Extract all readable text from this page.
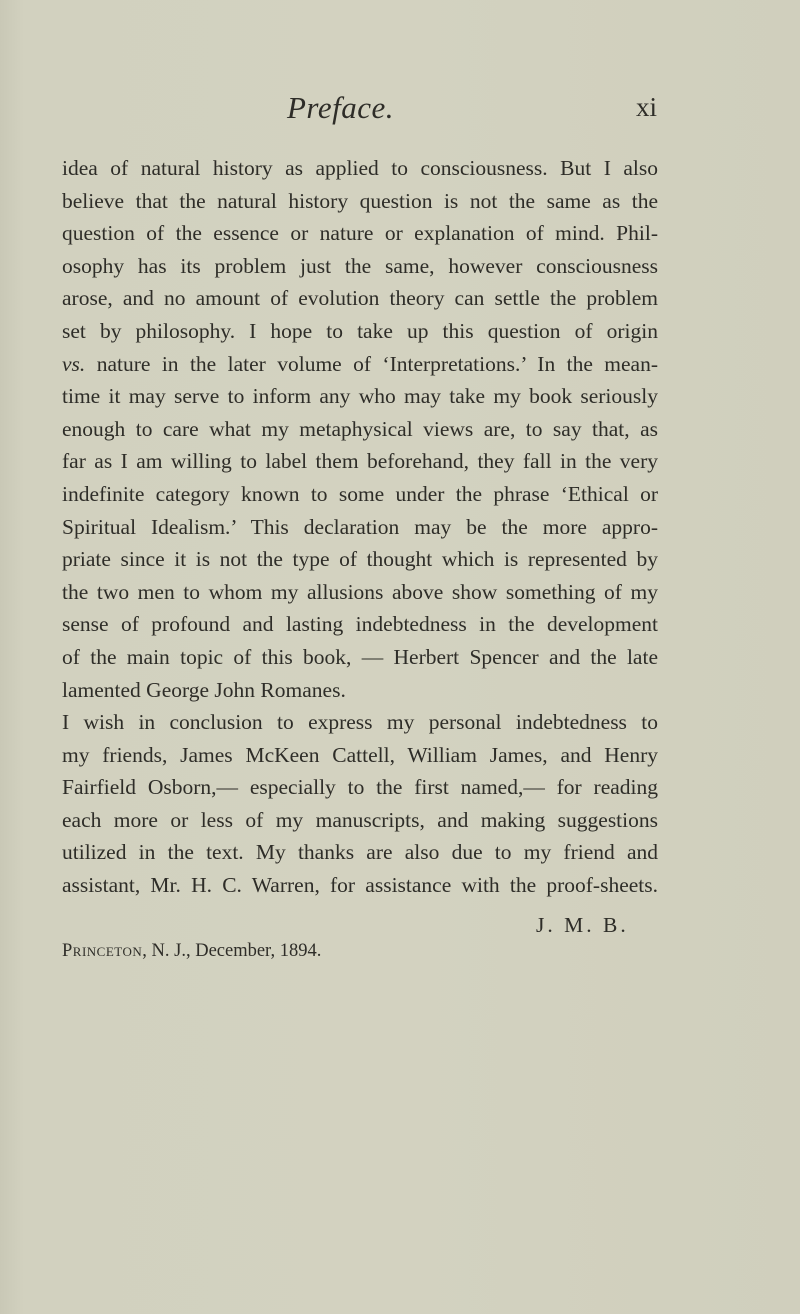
Preface.	xi
idea of natural history as applied to consciousness. But I also
believe that the natural history question is not the same as the
question of the essence or nature or explanation of mind. Phil-
osophy has its problem just the same, however consciousness
arose, and no amount of evolution theory can settle the problem
set by philosophy. I hope to take up this question of origin
vs. nature in the later volume of ‘Interpretations.’ In the mean-
time it may serve to inform any who may take my book seriously
enough to care what my metaphysical views are, to say that, as
far as I am willing to label them beforehand, they fall in the very
indefinite category known to some under the phrase ‘Ethical or
Spiritual Idealism.’ This declaration may be the more appro-
priate since it is not the type of thought which is represented by
the two men to whom my allusions above show something of my
sense of profound and lasting indebtedness in the development
of the main topic of this book, — Herbert Spencer and the late
lamented George John Romanes.
I wish in conclusion to express my personal indebtedness to
my friends, James McKeen Cattell, William James, and Henry
Fairfield Osborn,— especially to the first named,— for reading
each more or less of my manuscripts, and making suggestions
utilized in the text. My thanks are also due to my friend and
assistant, Mr. H. C. Warren, for assistance with the proof-sheets.
J. M. B.
Princeton, N. J., December, 1894.
